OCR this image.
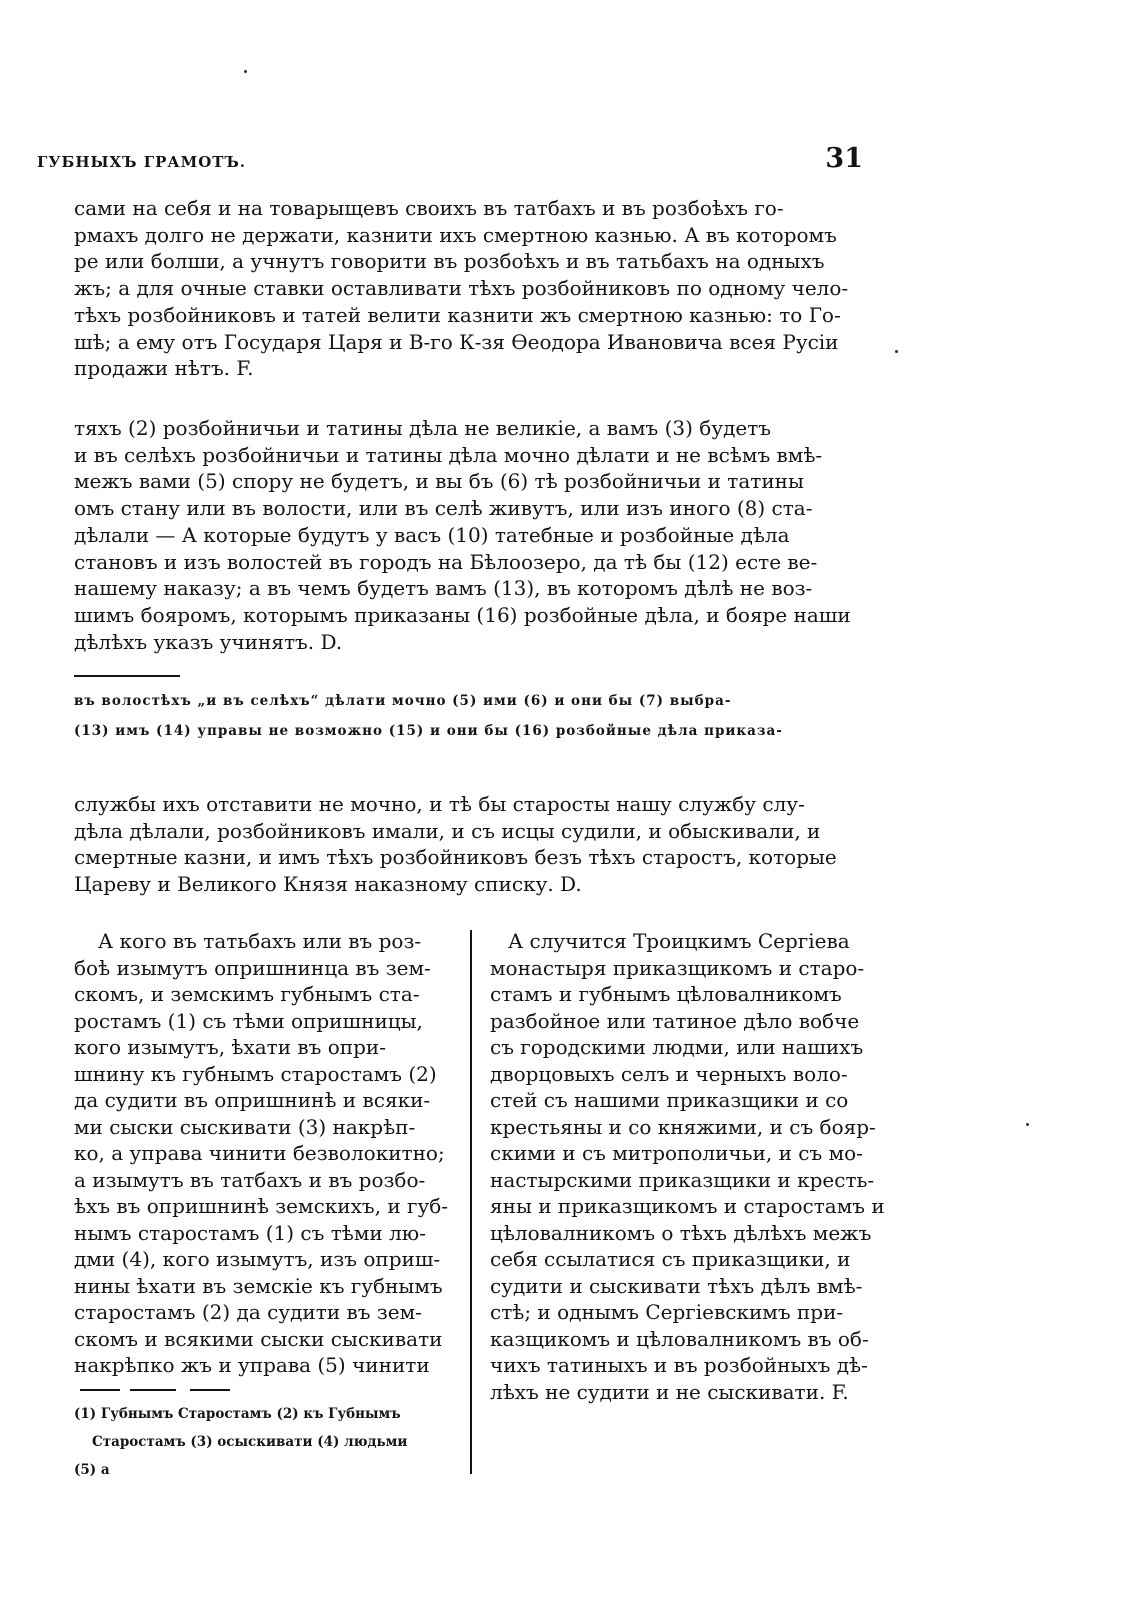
ГУБНЫХЪ ГРАМОТЪ.	31

сами на себя и на товарыщевъ своихъ въ татбахъ и въ розбоѣхъ го-

рмахъ долго не держати, казнити ихъ смертною казнью. А въ которомъ

ре или болши, а учнутъ говорити въ розбоѣхъ и въ татьбахъ на одныхъ

жъ; а для очные ставки оставливати тѣхъ розбойниковъ по одному чело-

тѣхъ розбойниковъ и татей велити казнити жъ смертною казнью: то Го-

шѣ; а ему отъ Государя Царя и В-го К-зя Ѳеодора Ивановича всея Русіи

продажи нѣтъ. F.

тяхъ (2) розбойничьи и татины дѣла не великіе, а вамъ (3) будетъ

и въ селѣхъ розбойничьи и татины дѣла мочно дѣлати и не всѣмъ вмѣ-

межъ вами (5) спору не будетъ, и вы бъ (6) тѣ розбойничьи и татины

омъ стану или въ волости, или въ селѣ живутъ, или изъ иного (8) ста-

дѣлали — А которые будутъ у васъ (10) татебные и розбойные дѣла

становъ и изъ волостей въ городъ на Бѣлоозеро, да тѣ бы (12) есте ве-

нашему наказу; а въ чемъ будетъ вамъ (13), въ которомъ дѣлѣ не воз-

шимъ бояромъ, которымъ приказаны (16) розбойные дѣла, и бояре наши

дѣлѣхъ указъ учинятъ. D.

въ волостѣхъ „и въ селѣхъ“ дѣлати мочно (5) ими (6) и они бы (7) выбра-

(13) имъ (14) управы не возможно (15) и они бы (16) розбойные дѣла приказа-

службы ихъ отставити не мочно, и тѣ бы старосты нашу службу слу-

дѣла дѣлали, розбойниковъ имали, и съ исцы судили, и обыскивали, и

смертные казни, и имъ тѣхъ розбойниковъ безъ тѣхъ старостъ, которые

Цареву и Великого Князя наказному списку. D.

А кого въ татьбахъ или въ роз-

боѣ изымутъ опришнинца въ зем-

скомъ, и земскимъ губнымъ ста-

ростамъ (1) съ тѣми опришницы,

кого изымутъ, ѣхати въ опри-

шнину къ губнымъ старостамъ (2)

да судити въ опришнинѣ и всяки-

ми сыски сыскивати (3) накрѣп-

ко, а управа чинити безволокитно;

а изымутъ въ татбахъ и въ розбо-

ѣхъ въ опришнинѣ земскихъ, и губ-

нымъ старостамъ (1) съ тѣми лю-

дми (4), кого изымутъ, изъ оприш-

нины ѣхати въ земскіе къ губнымъ

старостамъ (2) да судити въ зем-

скомъ и всякими сыски сыскивати

накрѣпко жъ и управа (5) чинити

А случится Троицкимъ Сергіева

монастыря приказщикомъ и старо-

стамъ и губнымъ цѣловалникомъ

разбойное или татиное дѣло вобче

съ городскими людми, или нашихъ

дворцовыхъ селъ и черныхъ воло-

стей съ нашими приказщики и со

крестьяны и со княжими, и съ бояр-

скими и съ митрополичьи, и съ мо-

настырскими приказщики и кресть-

яны и приказщикомъ и старостамъ и

цѣловалникомъ о тѣхъ дѣлѣхъ межъ

себя ссылатися съ приказщики, и

судити и сыскивати тѣхъ дѣлъ вмѣ-

стѣ; и однымъ Сергіевскимъ при-

казщикомъ и цѣловалникомъ въ об-

чихъ татиныхъ и въ розбойныхъ дѣ-

лѣхъ не судити и не сыскивати. F.

(1) Губнымъ Старостамъ (2) къ Губнымъ

Старостамъ (3) осыскивати (4) людьми

(5) а
